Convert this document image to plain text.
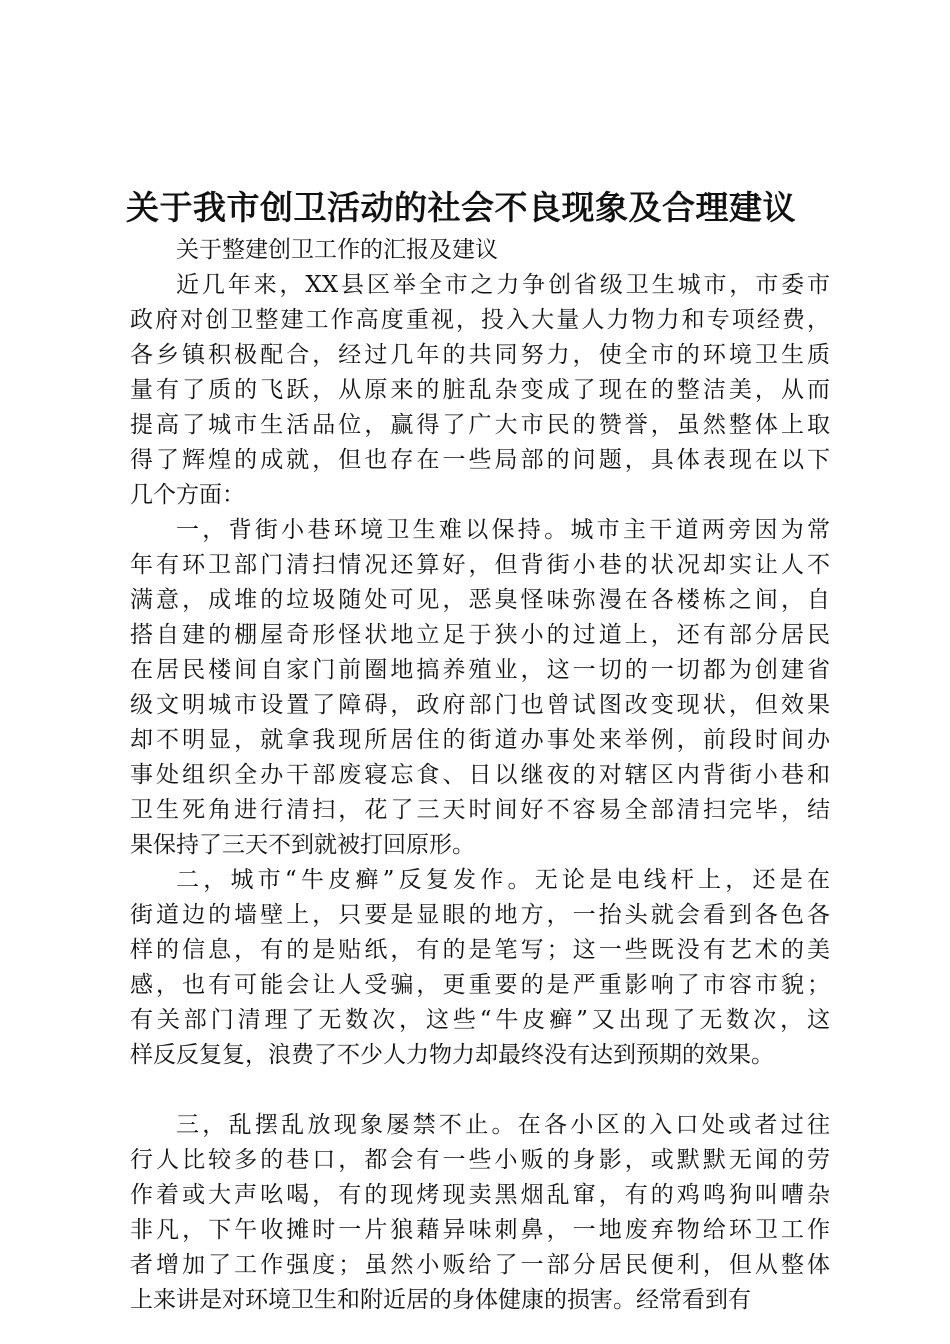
关于我市创卫活动的社会不良现象及合理建议
关于整建创卫工作的汇报及建议
近几年来，XX县区举全市之力争创省级卫生城市，市委市
政府对创卫整建工作高度重视，投入大量人力物力和专项经费，
各乡镇积极配合，经过几年的共同努力，使全市的环境卫生质
量有了质的飞跃，从原来的脏乱杂变成了现在的整洁美，从而
提高了城市生活品位，赢得了广大市民的赞誉，虽然整体上取
得了辉煌的成就，但也存在一些局部的问题，具体表现在以下
几个方面：
一，背街小巷环境卫生难以保持。城市主干道两旁因为常
年有环卫部门清扫情况还算好，但背街小巷的状况却实让人不
满意，成堆的垃圾随处可见，恶臭怪味弥漫在各楼栋之间，自
搭自建的棚屋奇形怪状地立足于狭小的过道上，还有部分居民
在居民楼间自家门前圈地搞养殖业，这一切的一切都为创建省
级文明城市设置了障碍，政府部门也曾试图改变现状，但效果
却不明显，就拿我现所居住的街道办事处来举例，前段时间办
事处组织全办干部废寝忘食、日以继夜的对辖区内背街小巷和
卫生死角进行清扫，花了三天时间好不容易全部清扫完毕，结
果保持了三天不到就被打回原形。
二，城市“牛皮癣”反复发作。无论是电线杆上，还是在
街道边的墙壁上，只要是显眼的地方，一抬头就会看到各色各
样的信息，有的是贴纸，有的是笔写；这一些既没有艺术的美
感，也有可能会让人受骗，更重要的是严重影响了市容市貌；
有关部门清理了无数次，这些“牛皮癣”又出现了无数次，这
样反反复复，浪费了不少人力物力却最终没有达到预期的效果。
三，乱摆乱放现象屡禁不止。在各小区的入口处或者过往
行人比较多的巷口，都会有一些小贩的身影，或默默无闻的劳
作着或大声吆喝，有的现烤现卖黑烟乱窜，有的鸡鸣狗叫嘈杂
非凡，下午收摊时一片狼藉异味刺鼻，一地废弃物给环卫工作
者增加了工作强度；虽然小贩给了一部分居民便利，但从整体
上来讲是对环境卫生和附近居的身体健康的损害。经常看到有
